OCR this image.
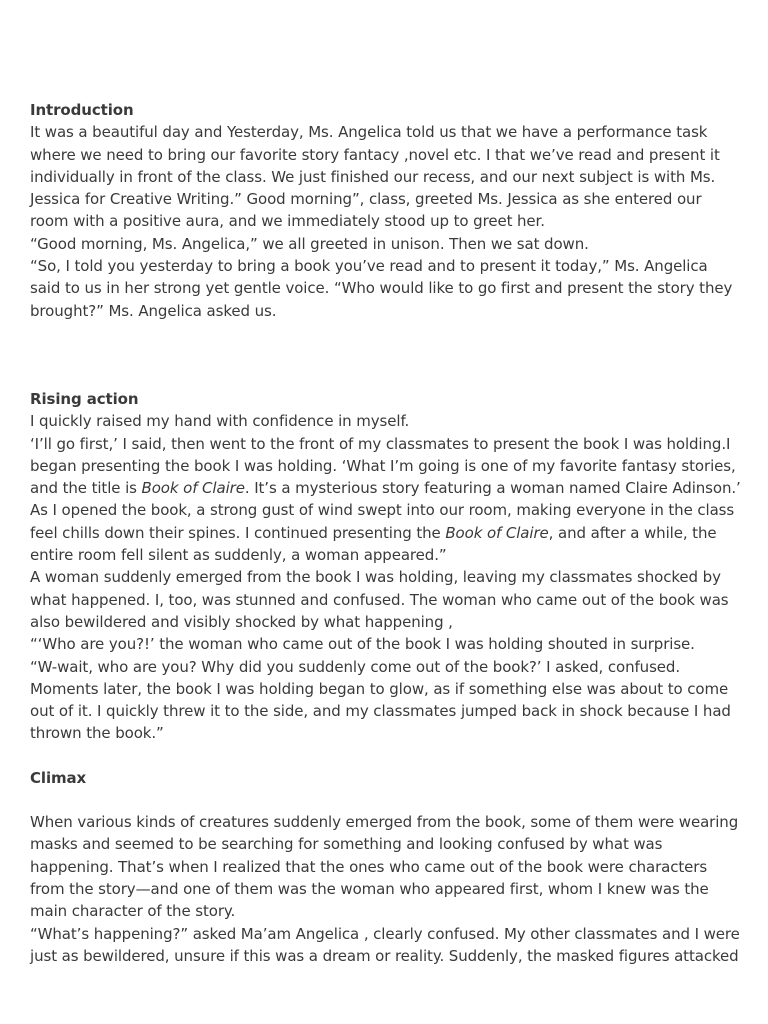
Introduction

It was a beautiful day and Yesterday, Ms. Angelica told us that we have a performance task where we need to bring our favorite story fantacy ,novel etc. I that we’ve read and present it individually in front of the class. We just finished our recess, and our next subject is with Ms. Jessica for Creative Writing.” Good morning”, class, greeted Ms. Jessica as she entered our room with a positive aura, and we immediately stood up to greet her.

“Good morning, Ms. Angelica,” we all greeted in unison. Then we sat down.

“So, I told you yesterday to bring a book you’ve read and to present it today,” Ms. Angelica said to us in her strong yet gentle voice. “Who would like to go first and present the story they brought?” Ms. Angelica asked us.

Rising action

I quickly raised my hand with confidence in myself.

‘I’ll go first,’ I said, then went to the front of my classmates to present the book I was holding.I began presenting the book I was holding. ‘What I’m going is one of my favorite fantasy stories, and the title is Book of Claire. It’s a mysterious story featuring a woman named Claire Adinson.’

As I opened the book, a strong gust of wind swept into our room, making everyone in the class feel chills down their spines. I continued presenting the Book of Claire, and after a while, the entire room fell silent as suddenly, a woman appeared.”

A woman suddenly emerged from the book I was holding, leaving my classmates shocked by what happened. I, too, was stunned and confused. The woman who came out of the book was also bewildered and visibly shocked by what happening ,

“‘Who are you?!’ the woman who came out of the book I was holding shouted in surprise.

“W-wait, who are you? Why did you suddenly come out of the book?’ I asked, confused.

Moments later, the book I was holding began to glow, as if something else was about to come out of it. I quickly threw it to the side, and my classmates jumped back in shock because I had thrown the book.”

Climax

When various kinds of creatures suddenly emerged from the book, some of them were wearing masks and seemed to be searching for something and looking confused by what was happening. That’s when I realized that the ones who came out of the book were characters from the story—and one of them was the woman who appeared first, whom I knew was the main character of the story.

“What’s happening?” asked Ma’am Angelica , clearly confused. My other classmates and I were just as bewildered, unsure if this was a dream or reality. Suddenly, the masked figures attacked
